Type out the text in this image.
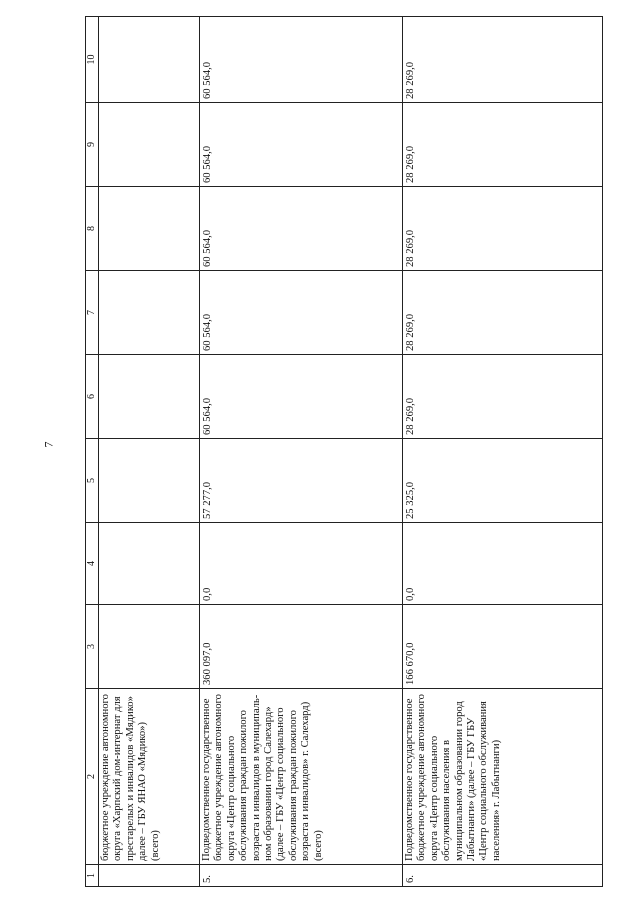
7
1	2	3	4	5	6	7	8	9	10
	бюджетное учреждение автономного округа «Харпский дом-интернат для престарелых и инвалидов «Мядико» далее – ГБУ ЯНАО «Мядико») (всего)								
5.	Подведомственное государственное бюджетное учреждение автономного округа «Центр социального обслуживания граждан пожилого возраста и инвалидов в муниципаль-ном образовании город Салехард» (далее – ГБУ «Центр социального обслуживания граждан пожилого возраста и инвалидов» г. Салехард) (всего)	360 097,0	0,0	57 277,0	60 564,0	60 564,0	60 564,0	60 564,0	60 564,0
6.	Подведомственное государственное бюджетное учреждение автономного округа «Центр социального обслуживания населения в муниципальном образовании город Лабытнанги» (далее – ГБУ ГБУ «Центр социального обслуживания населения» г. Лабытнанги)	166 670,0	0,0	25 325,0	28 269,0	28 269,0	28 269,0	28 269,0	28 269,0
